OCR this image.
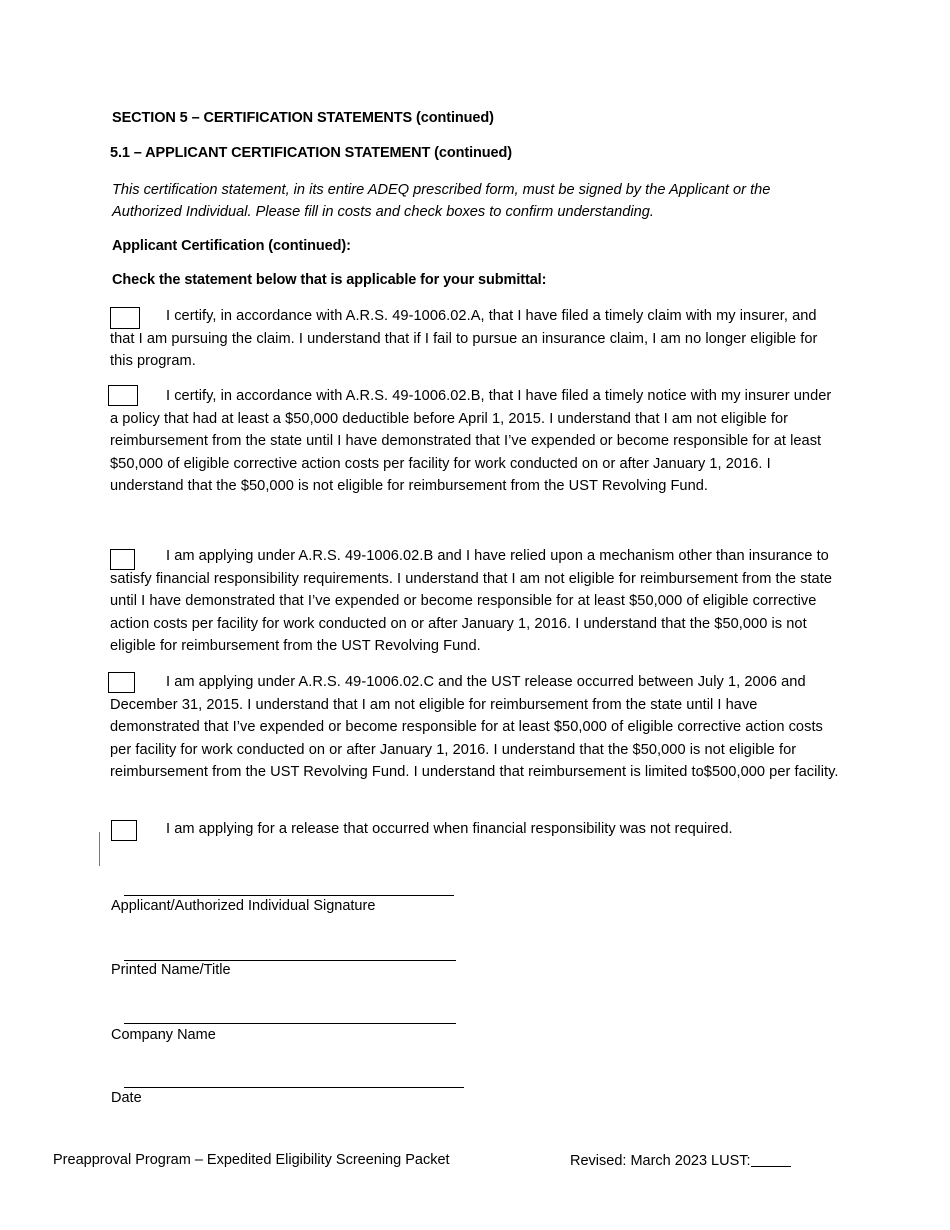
SECTION 5 – CERTIFICATION STATEMENTS (continued)
5.1 – APPLICANT CERTIFICATION STATEMENT (continued)
This certification statement, in its entire ADEQ prescribed form, must be signed by the Applicant or the Authorized Individual. Please fill in costs and check boxes to confirm understanding.
Applicant Certification (continued):
Check the statement below that is applicable for your submittal:
I certify, in accordance with A.R.S. 49-1006.02.A, that I have filed a timely claim with my insurer, and that I am pursuing the claim. I understand that if I fail to pursue an insurance claim, I am no longer eligible for this program.
I certify, in accordance with A.R.S. 49-1006.02.B, that I have filed a timely notice with my insurer under a policy that had at least a $50,000 deductible before April 1, 2015. I understand that I am not eligible for reimbursement from the state until I have demonstrated that I’ve expended or become responsible for at least $50,000 of eligible corrective action costs per facility for work conducted on or after January 1, 2016. I understand that the $50,000 is not eligible for reimbursement from the UST Revolving Fund.
I am applying under A.R.S. 49-1006.02.B and I have relied upon a mechanism other than insurance to satisfy financial responsibility requirements. I understand that I am not eligible for reimbursement from the state until I have demonstrated that I’ve expended or become responsible for at least $50,000 of eligible corrective action costs per facility for work conducted on or after January 1, 2016. I understand that the $50,000 is not eligible for reimbursement from the UST Revolving Fund.
I am applying under A.R.S. 49-1006.02.C and the UST release occurred between July 1, 2006 and December 31, 2015. I understand that I am not eligible for reimbursement from the state until I have demonstrated that I’ve expended or become responsible for at least $50,000 of eligible corrective action costs per facility for work conducted on or after January 1, 2016. I understand that the $50,000 is not eligible for reimbursement from the UST Revolving Fund. I understand that reimbursement is limited to$500,000 per facility.
I am applying for a release that occurred when financial responsibility was not required.
Applicant/Authorized Individual Signature
Printed Name/Title
Company Name
Date
Preapproval Program – Expedited Eligibility Screening Packet	Revised: March 2023 LUST:
